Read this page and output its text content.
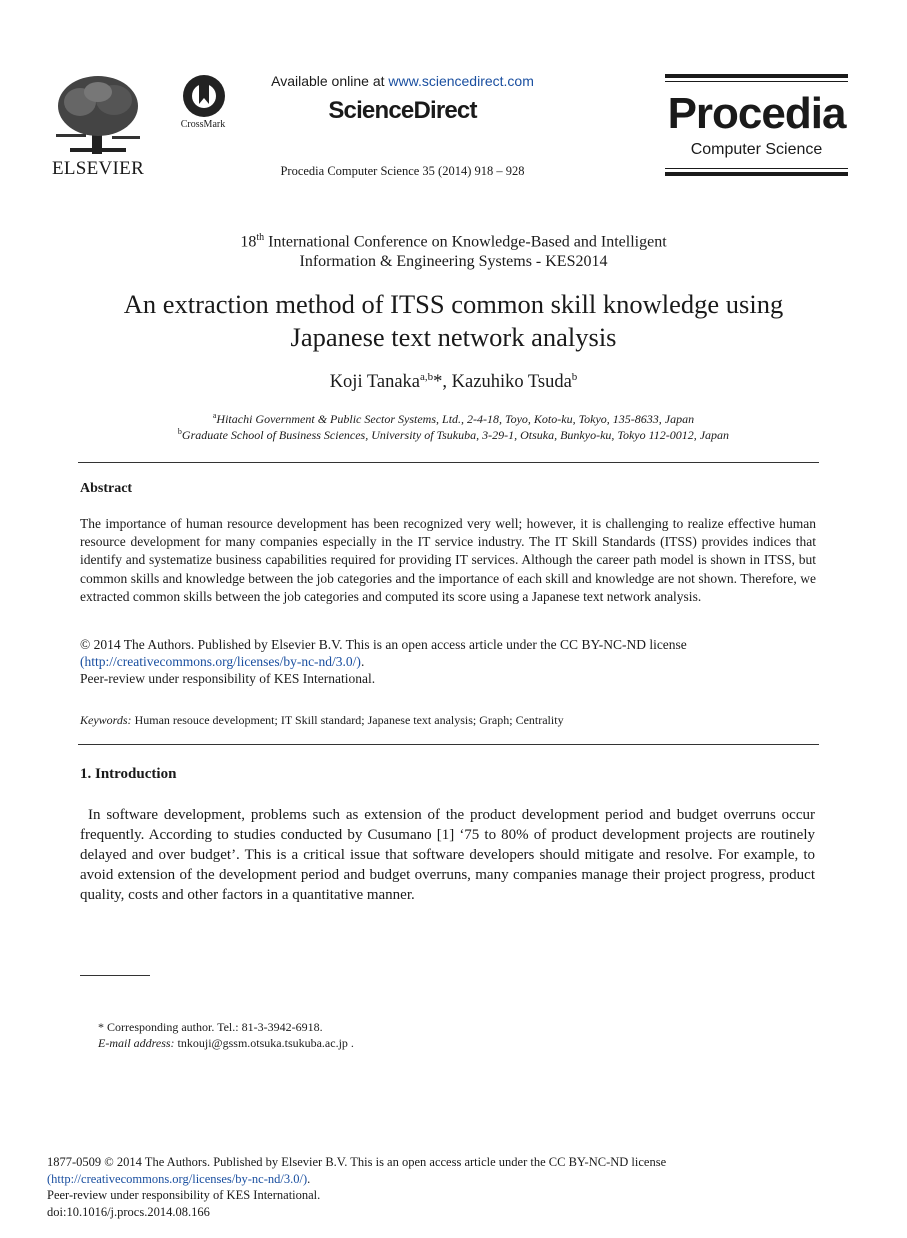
ELSEVIER
CrossMark
Available online at www.sciencedirect.com
ScienceDirect
Procedia Computer Science 35 (2014) 918 – 928
Procedia
Computer Science
18th International Conference on Knowledge-Based and Intelligent
Information & Engineering Systems - KES2014
An extraction method of ITSS common skill knowledge using
Japanese text network analysis
Koji Tanaka$^{a,b}$*, Kazuhiko Tsuda$^b$
$^a$Hitachi Government & Public Sector Systems, Ltd., 2-4-18, Toyo, Koto-ku, Tokyo, 135-8633, Japan
$^b$Graduate School of Business Sciences, University of Tsukuba, 3-29-1, Otsuka, Bunkyo-ku, Tokyo 112-0012, Japan
Abstract
The importance of human resource development has been recognized very well; however, it is challenging to realize effective human resource development for many companies especially in the IT service industry. The IT Skill Standards (ITSS) provides indices that identify and systematize business capabilities required for providing IT services. Although the career path model is shown in ITSS, but common skills and knowledge between the job categories and the importance of each skill and knowledge are not shown. Therefore, we extracted common skills between the job categories and computed its score using a Japanese text network analysis.
© 2014 The Authors. Published by Elsevier B.V. This is an open access article under the CC BY-NC-ND license
(http://creativecommons.org/licenses/by-nc-nd/3.0/).
Peer-review under responsibility of KES International.
Keywords: Human resouce development; IT Skill standard; Japanese text analysis; Graph; Centrality
1. Introduction
In software development, problems such as extension of the product development period and budget overruns occur frequently. According to studies conducted by Cusumano [1] ‘75 to 80% of product development projects are routinely delayed and over budget’. This is a critical issue that software developers should mitigate and resolve. For example, to avoid extension of the development period and budget overruns, many companies manage their project progress, product quality, costs and other factors in a quantitative manner.
* Corresponding author. Tel.: 81-3-3942-6918.
E-mail address: tnkouji@gssm.otsuka.tsukuba.ac.jp .
1877-0509 © 2014 The Authors. Published by Elsevier B.V. This is an open access article under the CC BY-NC-ND license
(http://creativecommons.org/licenses/by-nc-nd/3.0/).
Peer-review under responsibility of KES International.
doi:10.1016/j.procs.2014.08.166
